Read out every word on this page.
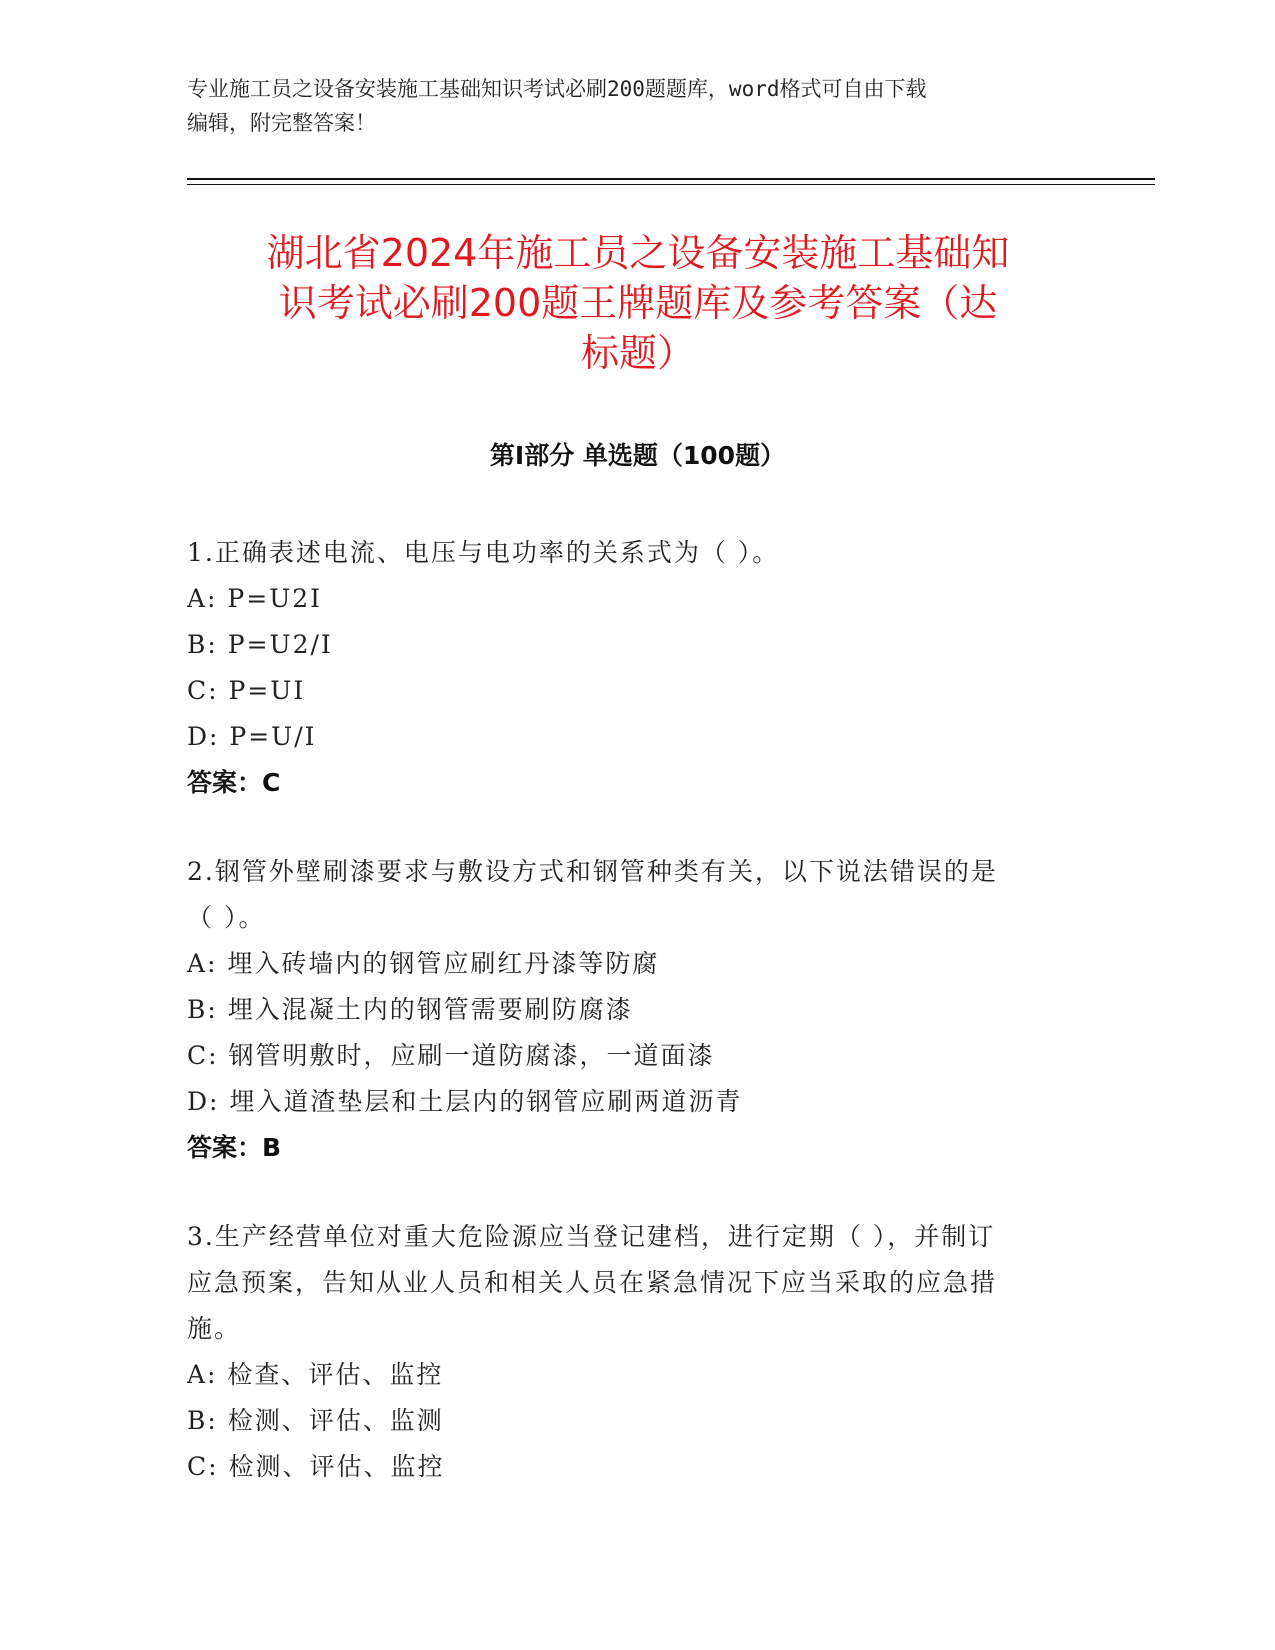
专业施工员之设备安装施工基础知识考试必刷200题题库，word格式可自由下载
编辑，附完整答案！
湖北省2024年施工员之设备安装施工基础知
识考试必刷200题王牌题库及参考答案（达
标题）
第Ⅰ部分 单选题（100题）
1.正确表述电流、电压与电功率的关系式为（ ）。
A: P=U2I
B: P=U2/I
C: P=UI
D: P=U/I
答案：C
2.钢管外壁刷漆要求与敷设方式和钢管种类有关，以下说法错误的是
（ ）。
A: 埋入砖墙内的钢管应刷红丹漆等防腐
B: 埋入混凝土内的钢管需要刷防腐漆
C: 钢管明敷时，应刷一道防腐漆，一道面漆
D: 埋入道渣垫层和土层内的钢管应刷两道沥青
答案：B
3.生产经营单位对重大危险源应当登记建档，进行定期（ ），并制订
应急预案，告知从业人员和相关人员在紧急情况下应当采取的应急措
施。
A: 检查、评估、监控
B: 检测、评估、监测
C: 检测、评估、监控
